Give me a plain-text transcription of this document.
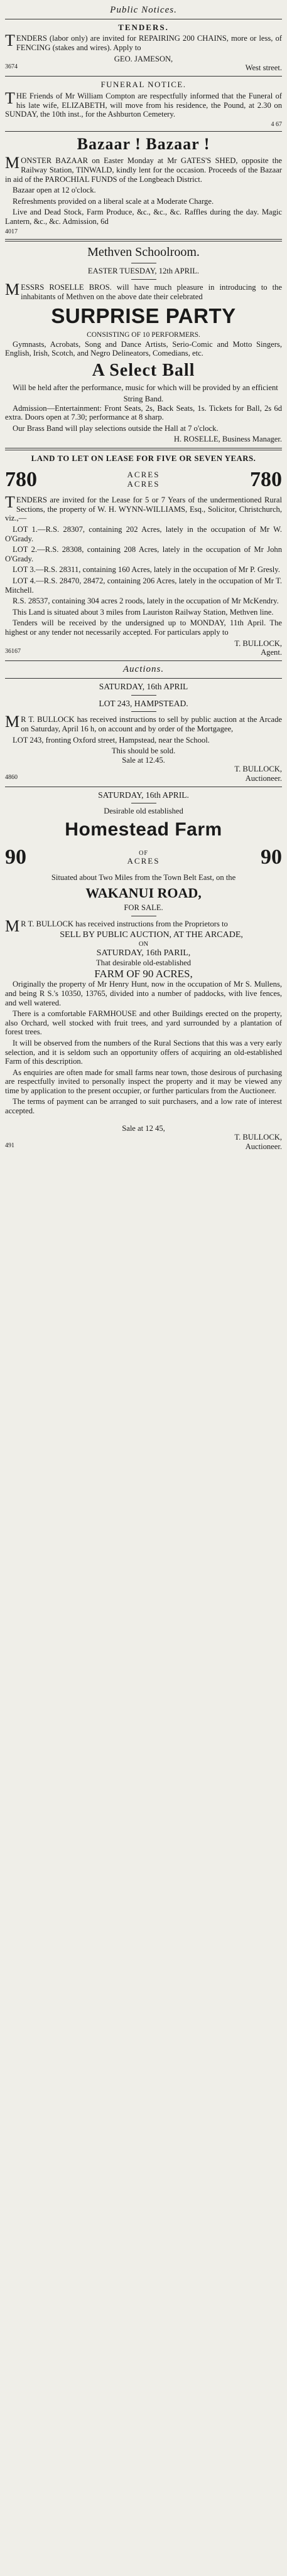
Public Notices.
TENDERS.

TENDERS (labor only) are invited for REPAIRING 200 CHAINS, more or less, of FENCING (stakes and wires). Apply to

GEO. JAMESON,
3674	West street.
FUNERAL NOTICE.

THE Friends of Mr William Compton are respectfully informed that the Funeral of his late wife, ELIZABETH, will move from his residence, the Pound, at 2.30 on SUNDAY, the 10th inst., for the Ashburton Cemetery.

4 67
Bazaar ! Bazaar !

MONSTER BAZAAR on Easter Monday at Mr GATES'S SHED, opposite the Railway Station, TINWALD, kindly lent for the occasion. Proceeds of the Bazaar in aid of the PAROCHIAL FUNDS of the Longbeach District.

Bazaar open at 12 o'clock.

Refreshments provided on a liberal scale at a Moderate Charge.

Live and Dead Stock, Farm Produce, &c., &c., &c. Raffles during the day. Magic Lantern, &c., &c. Admission, 6d

4017
Methven Schoolroom.
EASTER TUESDAY, 12th APRIL.

MESSRS ROSELLE BROS. will have much pleasure in introducing to the inhabitants of Methven on the above date their celebrated

SURPRISE PARTY
CONSISTING OF 10 PERFORMERS.

Gymnasts, Acrobats, Song and Dance Artists, Serio-Comic and Motto Singers, English, Irish, Scotch, and Negro Delineators, Comedians, etc.

A Select Ball

Will be held after the performance, music for which will be provided by an efficient

String Band.

Admission—Entertainment: Front Seats, 2s, Back Seats, 1s. Tickets for Ball, 2s 6d extra. Doors open at 7.30; performance at 8 sharp.

Our Brass Band will play selections outside the Hall at 7 o'clock.

H. ROSELLE, Business Manager.
LAND TO LET ON LEASE FOR FIVE OR SEVEN YEARS.
780	ACRES
ACRES	780

TENDERS are invited for the Lease for 5 or 7 Years of the undermentioned Rural Sections, the property of W. H. WYNN-WILLIAMS, Esq., Solicitor, Christchurch, viz.,—

LOT 1.—R.S. 28307, containing 202 Acres, lately in the occupation of Mr W. O'Grady.

LOT 2.—R.S. 28308, containing 208 Acres, lately in the occupation of Mr John O'Grady.

LOT 3.—R.S. 28311, containing 160 Acres, lately in the occupation of Mr P. Gresly.

LOT 4.—R.S. 28470, 28472, containing 206 Acres, lately in the occupation of Mr T. Mitchell.

R.S. 28537, containing 304 acres 2 roods, lately in the occupation of Mr McKendry.

This Land is situated about 3 miles from Lauriston Railway Station, Methven line.

Tenders will be received by the undersigned up to MONDAY, 11th April. The highest or any tender not necessarily accepted. For particulars apply to

T. BULLOCK,
36167	Agent.
Auctions.
SATURDAY, 16th APRIL
LOT 243, HAMPSTEAD.

MR T. BULLOCK has received instructions to sell by public auction at the Arcade on Saturday, April 16 h, on account and by order of the Mortgagee,

LOT 243, fronting Oxford street, Hampstead, near the School.

This should be sold.
Sale at 12.45.
T. BULLOCK,
4860	Auctioneer.
SATURDAY, 16th APRIL.
Desirable old established
Homestead Farm
90	OF
ACRES	90

Situated about Two Miles from the Town Belt East, on the

WAKANUI ROAD,
FOR SALE.

MR T. BULLOCK has received instructions from the Proprietors to

SELL BY PUBLIC AUCTION, AT THE ARCADE,
ON
SATURDAY, 16th PARIL,
That desirable old-established
FARM OF 90 ACRES,

Originally the property of Mr Henry Hunt, now in the occupation of Mr S. Mullens, and being R S.'s 10350, 13765, divided into a number of paddocks, with live fences, and well watered.

There is a comfortable FARMHOUSE and other Buildings erected on the property, also Orchard, well stocked with fruit trees, and yard surrounded by a plantation of forest trees.

It will be observed from the numbers of the Rural Sections that this was a very early selection, and it is seldom such an opportunity offers of acquiring an old-established Farm of this description.

As enquiries are often made for small farms near town, those desirous of purchasing are respectfully invited to personally inspect the property and it may be viewed any time by application to the present occupier, or further particulars from the Auctioneer.

The terms of payment can be arranged to suit purchasers, and a low rate of interest accepted.

Sale at 12 45,
T. BULLOCK,
491	Auctioneer.
